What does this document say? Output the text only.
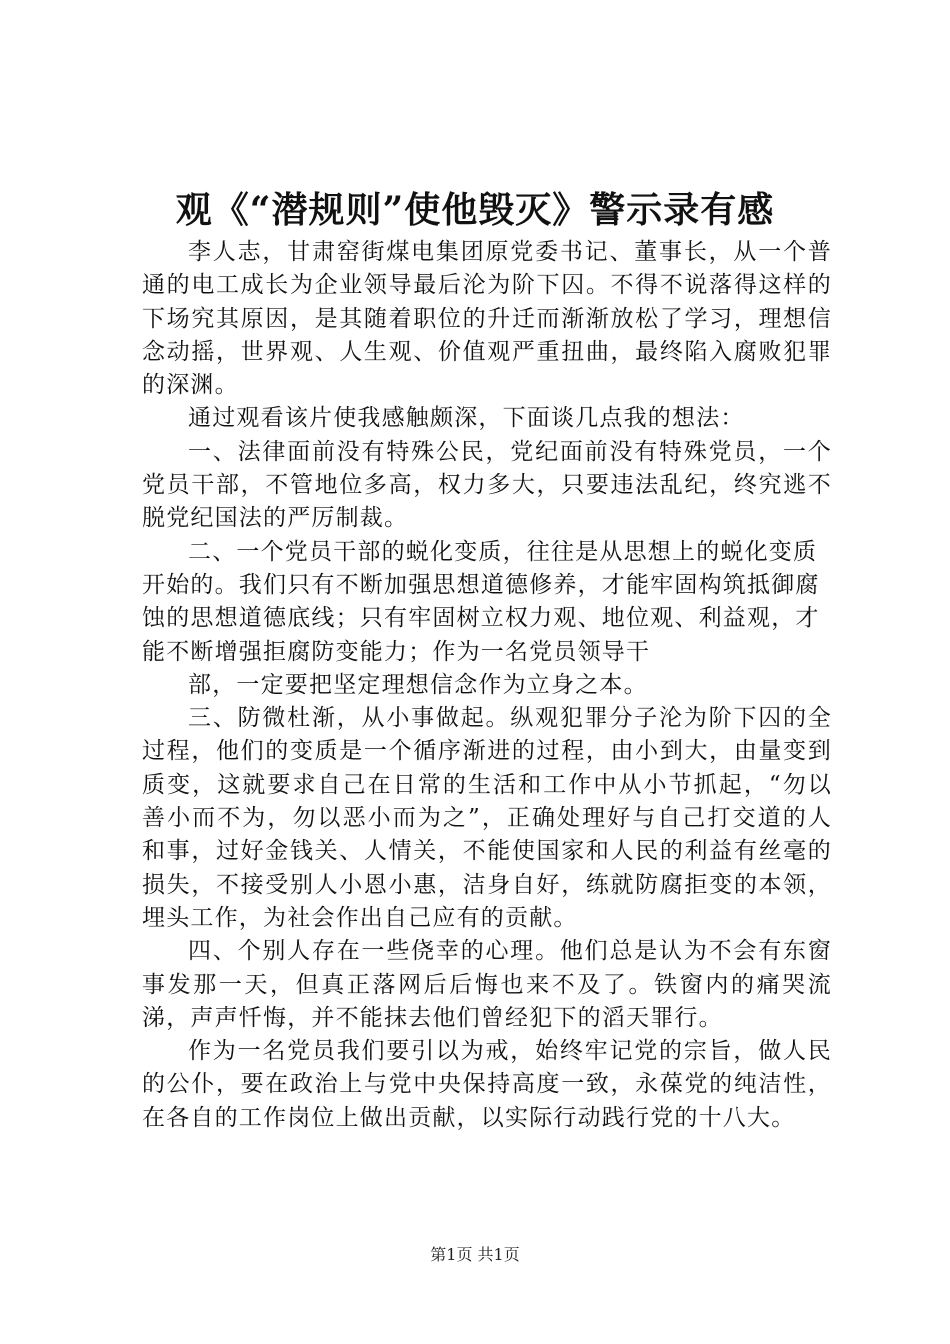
观《“潜规则”使他毁灭》警示录有感

李人志，甘肃窑街煤电集团原党委书记、董事长，从一个普通的电工成长为企业领导最后沦为阶下囚。不得不说落得这样的下场究其原因，是其随着职位的升迁而渐渐放松了学习，理想信念动摇，世界观、人生观、价值观严重扭曲，最终陷入腐败犯罪的深渊。

通过观看该片使我感触颇深，下面谈几点我的想法：

一、法律面前没有特殊公民，党纪面前没有特殊党员，一个党员干部，不管地位多高，权力多大，只要违法乱纪，终究逃不脱党纪国法的严厉制裁。

二、一个党员干部的蜕化变质，往往是从思想上的蜕化变质开始的。我们只有不断加强思想道德修养，才能牢固构筑抵御腐蚀的思想道德底线；只有牢固树立权力观、地位观、利益观，才能不断增强拒腐防变能力；作为一名党员领导干

部，一定要把坚定理想信念作为立身之本。

三、防微杜渐，从小事做起。纵观犯罪分子沦为阶下囚的全过程，他们的变质是一个循序渐进的过程，由小到大，由量变到质变，这就要求自己在日常的生活和工作中从小节抓起，“勿以善小而不为，勿以恶小而为之”，正确处理好与自己打交道的人和事，过好金钱关、人情关，不能使国家和人民的利益有丝毫的损失，不接受别人小恩小惠，洁身自好，练就防腐拒变的本领，埋头工作，为社会作出自己应有的贡献。

四、个别人存在一些侥幸的心理。他们总是认为不会有东窗事发那一天，但真正落网后后悔也来不及了。铁窗内的痛哭流涕，声声忏悔，并不能抹去他们曾经犯下的滔天罪行。

作为一名党员我们要引以为戒，始终牢记党的宗旨，做人民的公仆，要在政治上与党中央保持高度一致，永葆党的纯洁性，在各自的工作岗位上做出贡献，以实际行动践行党的十八大。

第1页 共1页
